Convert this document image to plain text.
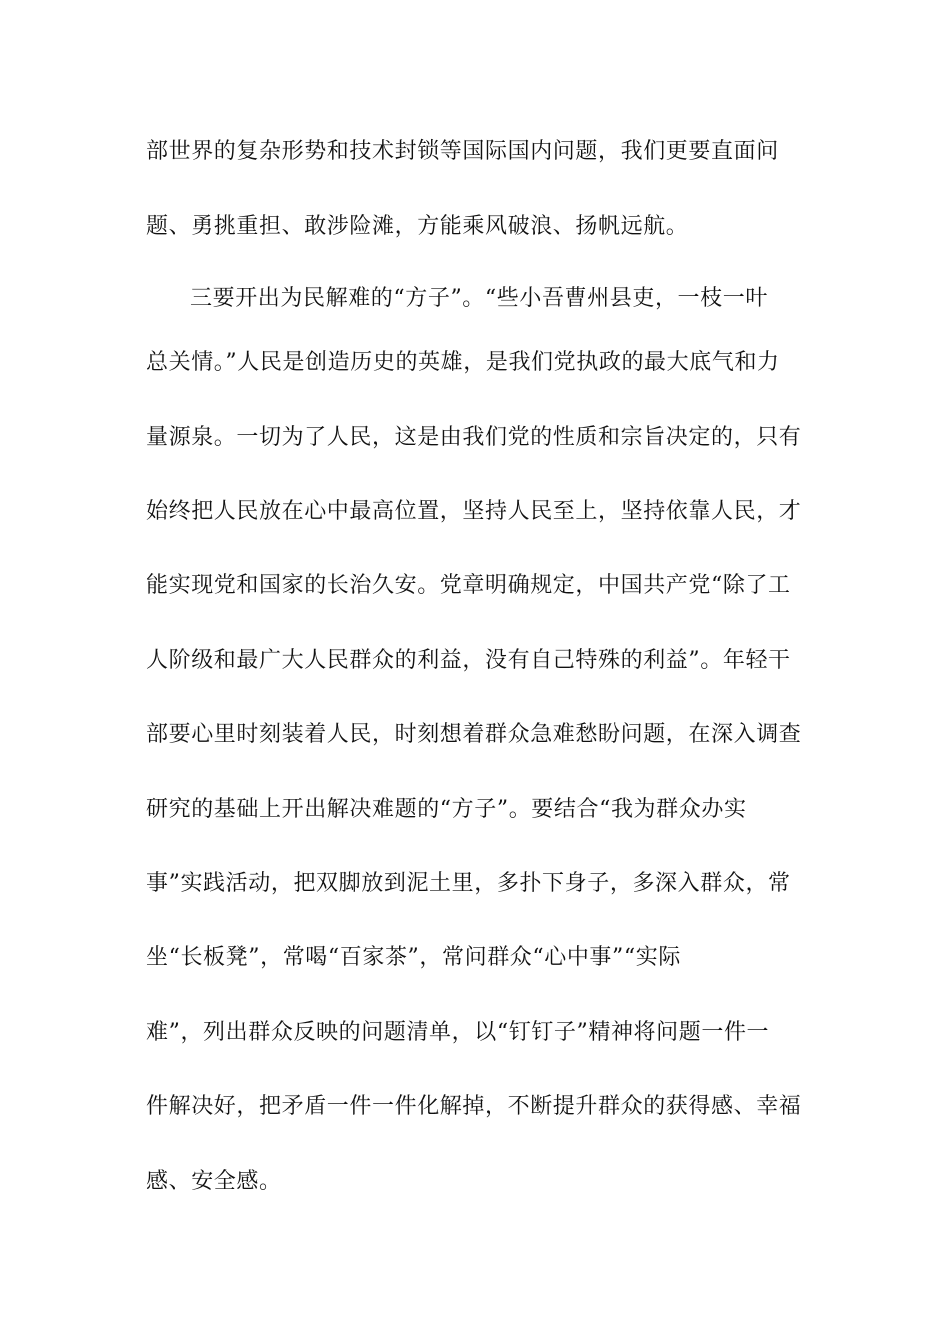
部世界的复杂形势和技术封锁等国际国内问题，我们更要直面问
题、勇挑重担、敢涉险滩，方能乘风破浪、扬帆远航。
三要开出为民解难的“方子”。“些小吾曹州县吏，一枝一叶
总关情。”人民是创造历史的英雄，是我们党执政的最大底气和力
量源泉。一切为了人民，这是由我们党的性质和宗旨决定的，只有
始终把人民放在心中最高位置，坚持人民至上，坚持依靠人民，才
能实现党和国家的长治久安。党章明确规定，中国共产党“除了工
人阶级和最广大人民群众的利益，没有自己特殊的利益”。年轻干
部要心里时刻装着人民，时刻想着群众急难愁盼问题，在深入调查
研究的基础上开出解决难题的“方子”。要结合“我为群众办实
事”实践活动，把双脚放到泥土里，多扑下身子，多深入群众，常
坐“长板凳”，常喝“百家茶”，常问群众“心中事”“实际
难”，列出群众反映的问题清单，以“钉钉子”精神将问题一件一
件解决好，把矛盾一件一件化解掉，不断提升群众的获得感、幸福
感、安全感。
